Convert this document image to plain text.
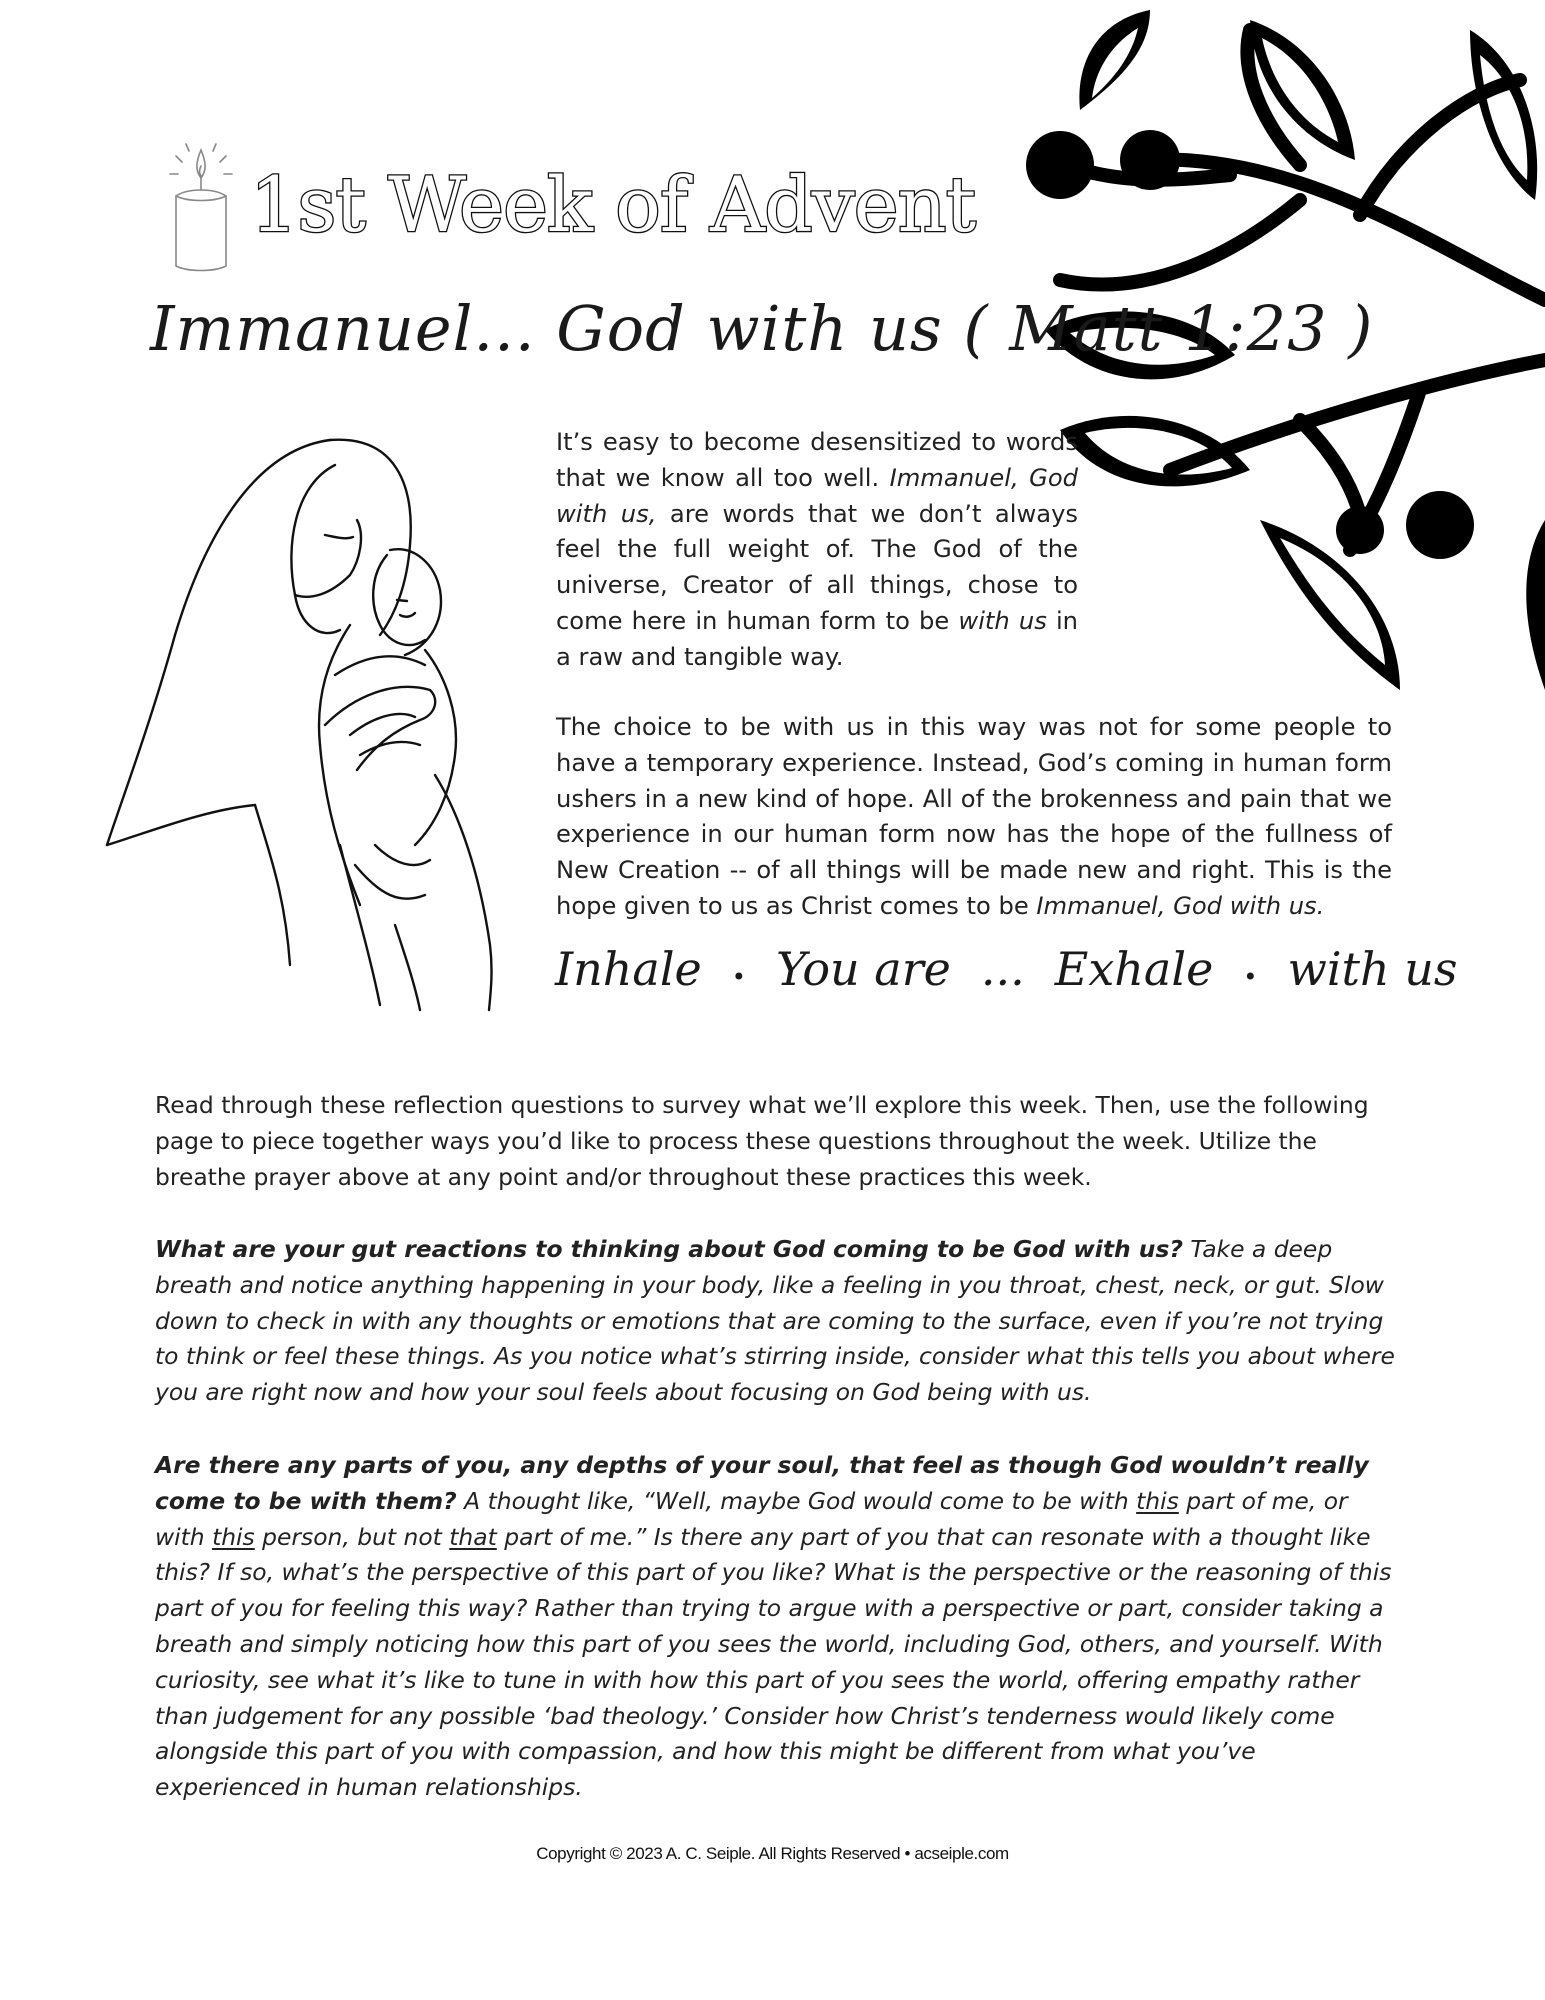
1st Week of Advent
Immanuel... God with us ( Matt 1:23 )

It’s easy to become desensitized to words that we know all too well. Immanuel, God with us, are words that we don’t always feel the full weight of. The God of the universe, Creator of all things, chose to come here in human form to be with us in a raw and tangible way.

The choice to be with us in this way was not for some people to have a temporary experience. Instead, God’s coming in human form ushers in a new kind of hope. All of the brokenness and pain that we experience in our human form now has the hope of the fullness of New Creation -- of all things will be made new and right. This is the hope given to us as Christ comes to be Immanuel, God with us.

Inhale • You are ... Exhale • with us

Read through these reflection questions to survey what we’ll explore this week. Then, use the following page to piece together ways you’d like to process these questions throughout the week. Utilize the breathe prayer above at any point and/or throughout these practices this week.

What are your gut reactions to thinking about God coming to be God with us? Take a deep breath and notice anything happening in your body, like a feeling in you throat, chest, neck, or gut. Slow down to check in with any thoughts or emotions that are coming to the surface, even if you’re not trying to think or feel these things. As you notice what’s stirring inside, consider what this tells you about where you are right now and how your soul feels about focusing on God being with us.

Are there any parts of you, any depths of your soul, that feel as though God wouldn’t really come to be with them? A thought like, “Well, maybe God would come to be with this part of me, or with this person, but not that part of me.” Is there any part of you that can resonate with a thought like this? If so, what’s the perspective of this part of you like? What is the perspective or the reasoning of this part of you for feeling this way? Rather than trying to argue with a perspective or part, consider taking a breath and simply noticing how this part of you sees the world, including God, others, and yourself. With curiosity, see what it’s like to tune in with how this part of you sees the world, offering empathy rather than judgement for any possible ‘bad theology.’ Consider how Christ’s tenderness would likely come alongside this part of you with compassion, and how this might be different from what you’ve experienced in human relationships.

Copyright © 2023 A. C. Seiple. All Rights Reserved • acseiple.com
